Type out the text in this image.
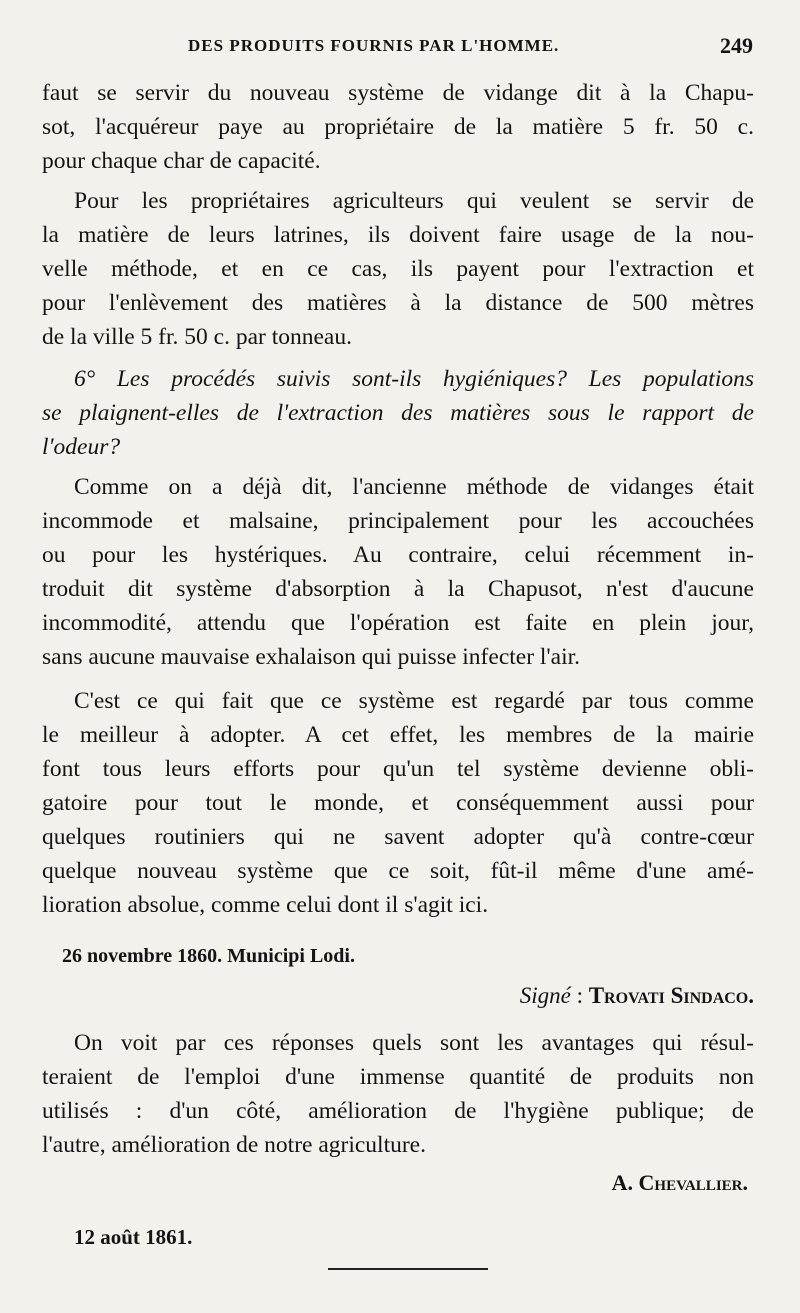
DES PRODUITS FOURNIS PAR L'HOMME.	249
faut se servir du nouveau système de vidange dit à la Chapu-
sot, l'acquéreur paye au propriétaire de la matière 5 fr. 50 c.
pour chaque char de capacité.
Pour les propriétaires agriculteurs qui veulent se servir de
la matière de leurs latrines, ils doivent faire usage de la nou-
velle méthode, et en ce cas, ils payent pour l'extraction et
pour l'enlèvement des matières à la distance de 500 mètres
de la ville 5 fr. 50 c. par tonneau.
6° Les procédés suivis sont-ils hygiéniques? Les populations
se plaignent-elles de l'extraction des matières sous le rapport de
l'odeur?
Comme on a déjà dit, l'ancienne méthode de vidanges était
incommode et malsaine, principalement pour les accouchées
ou pour les hystériques. Au contraire, celui récemment in-
troduit dit système d'absorption à la Chapusot, n'est d'aucune
incommodité, attendu que l'opération est faite en plein jour,
sans aucune mauvaise exhalaison qui puisse infecter l'air.
C'est ce qui fait que ce système est regardé par tous comme
le meilleur à adopter. A cet effet, les membres de la mairie
font tous leurs efforts pour qu'un tel système devienne obli-
gatoire pour tout le monde, et conséquemment aussi pour
quelques routiniers qui ne savent adopter qu'à contre-cœur
quelque nouveau système que ce soit, fût-il même d'une amé-
lioration absolue, comme celui dont il s'agit ici.
26 novembre 1860. Municipi Lodi.
Signé : Trovati Sindaco.
On voit par ces réponses quels sont les avantages qui résul-
teraient de l'emploi d'une immense quantité de produits non
utilisés : d'un côté, amélioration de l'hygiène publique; de
l'autre, amélioration de notre agriculture.
A. Chevallier.
12 août 1861.
